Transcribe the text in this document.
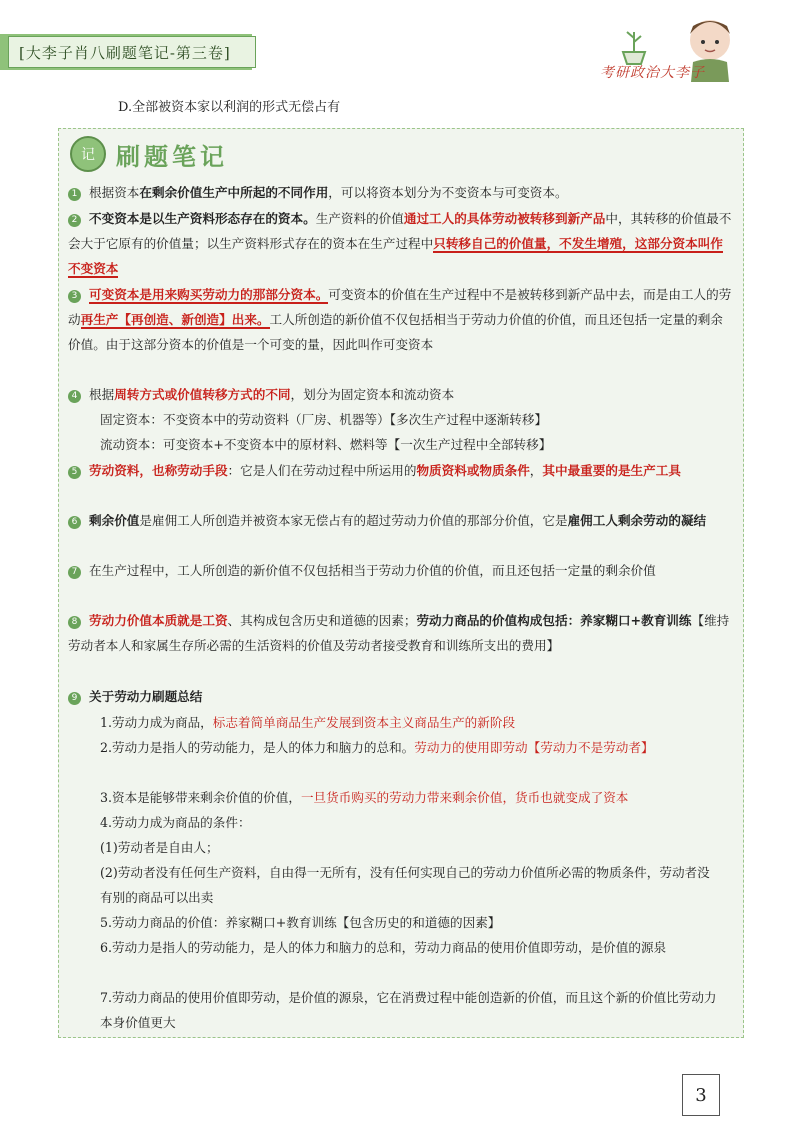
[大李子肖八刷题笔记-第三卷]
考研政治大李子
D.全部被资本家以利润的形式无偿占有
记 刷题笔记
1 根据资本在剩余价值生产中所起的不同作用，可以将资本划分为不变资本与可变资本。
2 不变资本是以生产资料形态存在的资本。生产资料的价值通过工人的具体劳动被转移到新产品中，其转移的价值最不会大于它原有的价值量；以生产资料形式存在的资本在生产过程中只转移自己的价值量，不发生增殖，这部分资本叫作不变资本
3 可变资本是用来购买劳动力的那部分资本。可变资本的价值在生产过程中不是被转移到新产品中去，而是由工人的劳动再生产【再创造、新创造】出来。工人所创造的新价值不仅包括相当于劳动力价值的价值，而且还包括一定量的剩余价值。由于这部分资本的价值是一个可变的量，因此叫作可变资本
4 根据周转方式或价值转移方式的不同，划分为固定资本和流动资本
固定资本：不变资本中的劳动资料（厂房、机器等）【多次生产过程中逐渐转移】
流动资本：可变资本+不变资本中的原材料、燃料等【一次生产过程中全部转移】
5 劳动资料，也称劳动手段：它是人们在劳动过程中所运用的物质资料或物质条件，其中最重要的是生产工具
6 剩余价值是雇佣工人所创造并被资本家无偿占有的超过劳动力价值的那部分价值，它是雇佣工人剩余劳动的凝结
7 在生产过程中，工人所创造的新价值不仅包括相当于劳动力价值的价值，而且还包括一定量的剩余价值
8 劳动力价值本质就是工资、其构成包含历史和道德的因素；劳动力商品的价值构成包括：养家糊口+教育训练【维持劳动者本人和家属生存所必需的生活资料的价值及劳动者接受教育和训练所支出的费用】
9 关于劳动力刷题总结
1.劳动力成为商品，标志着简单商品生产发展到资本主义商品生产的新阶段
2.劳动力是指人的劳动能力，是人的体力和脑力的总和。劳动力的使用即劳动【劳动力不是劳动者】
3.资本是能够带来剩余价值的价值，一旦货币购买的劳动力带来剩余价值，货币也就变成了资本
4.劳动力成为商品的条件：
(1)劳动者是自由人；
(2)劳动者没有任何生产资料，自由得一无所有，没有任何实现自己的劳动力价值所必需的物质条件，劳动者没有别的商品可以出卖
5.劳动力商品的价值：养家糊口+教育训练【包含历史的和道德的因素】
6.劳动力是指人的劳动能力，是人的体力和脑力的总和，劳动力商品的使用价值即劳动，是价值的源泉
7.劳动力商品的使用价值即劳动，是价值的源泉，它在消费过程中能创造新的价值，而且这个新的价值比劳动力本身价值更大
3
